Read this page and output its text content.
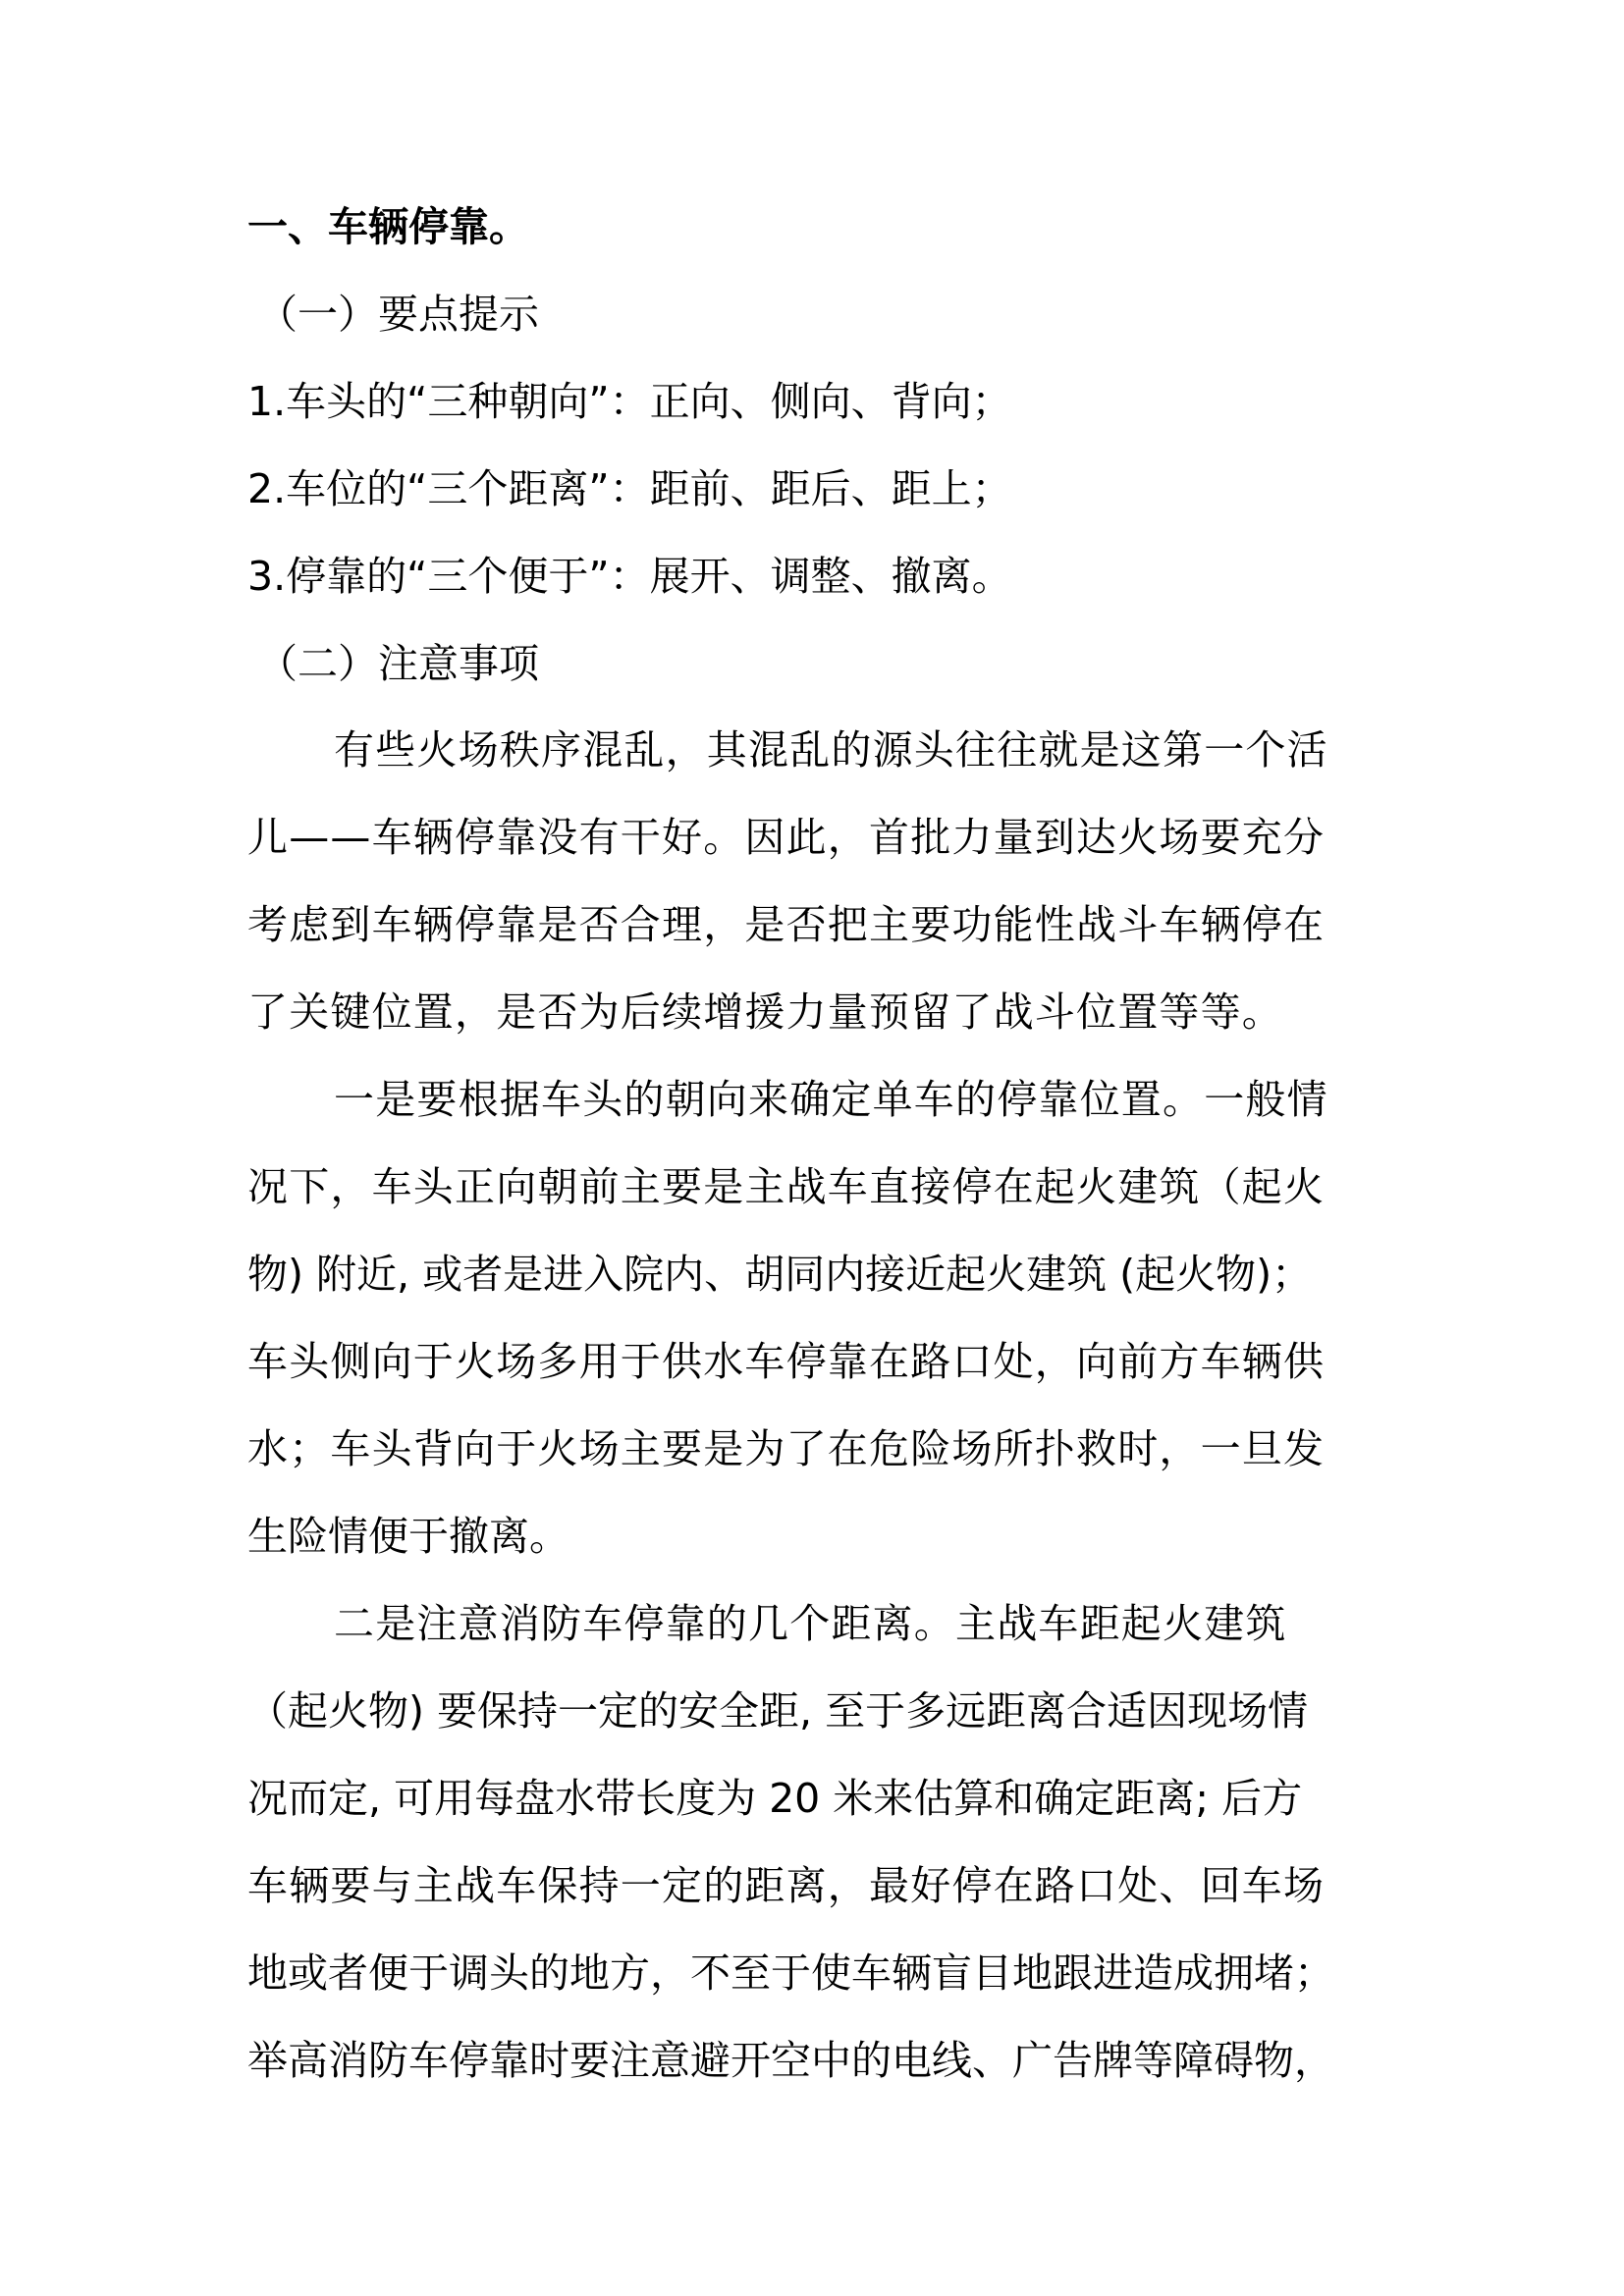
一、车辆停靠。
（一）要点提示
1.车头的“三种朝向”：正向、侧向、背向；
2.车位的“三个距离”：距前、距后、距上；
3.停靠的“三个便于”：展开、调整、撤离。
（二）注意事项
有些火场秩序混乱，其混乱的源头往往就是这第一个活
儿——车辆停靠没有干好。因此，首批力量到达火场要充分
考虑到车辆停靠是否合理，是否把主要功能性战斗车辆停在
了关键位置，是否为后续增援力量预留了战斗位置等等。
一是要根据车头的朝向来确定单车的停靠位置。一般情
况下，车头正向朝前主要是主战车直接停在起火建筑（起火
物) 附近, 或者是进入院内、胡同内接近起火建筑 (起火物)；
车头侧向于火场多用于供水车停靠在路口处，向前方车辆供
水；车头背向于火场主要是为了在危险场所扑救时，一旦发
生险情便于撤离。
二是注意消防车停靠的几个距离。主战车距起火建筑
（起火物) 要保持一定的安全距, 至于多远距离合适因现场情
况而定, 可用每盘水带长度为 20 米来估算和确定距离; 后方
车辆要与主战车保持一定的距离，最好停在路口处、回车场
地或者便于调头的地方，不至于使车辆盲目地跟进造成拥堵；
举高消防车停靠时要注意避开空中的电线、广告牌等障碍物，
